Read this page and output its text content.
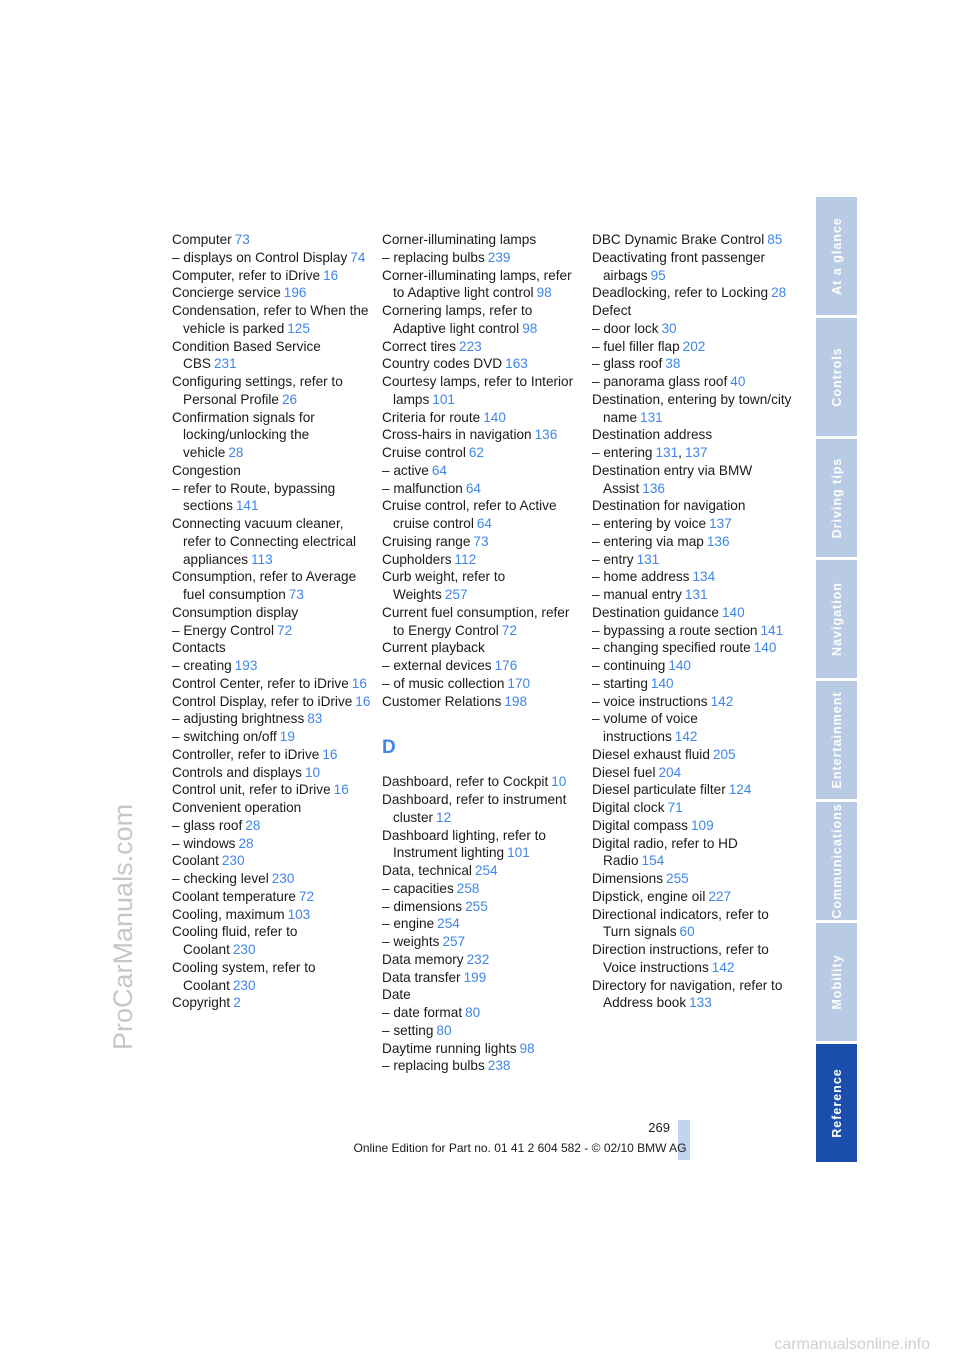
ProCarManuals.com
Computer 73
– displays on Control Display 74
Computer, refer to iDrive 16
Concierge service 196
Condensation, refer to When the vehicle is parked 125
Condition Based Service CBS 231
Configuring settings, refer to Personal Profile 26
Confirmation signals for locking/unlocking the vehicle 28
Congestion
– refer to Route, bypassing sections 141
Connecting vacuum cleaner, refer to Connecting electrical appliances 113
Consumption, refer to Average fuel consumption 73
Consumption display
– Energy Control 72
Contacts
– creating 193
Control Center, refer to iDrive 16
Control Display, refer to iDrive 16
– adjusting brightness 83
– switching on/off 19
Controller, refer to iDrive 16
Controls and displays 10
Control unit, refer to iDrive 16
Convenient operation
– glass roof 28
– windows 28
Coolant 230
– checking level 230
Coolant temperature 72
Cooling, maximum 103
Cooling fluid, refer to Coolant 230
Cooling system, refer to Coolant 230
Copyright 2
Corner-illuminating lamps
– replacing bulbs 239
Corner-illuminating lamps, refer to Adaptive light control 98
Cornering lamps, refer to Adaptive light control 98
Correct tires 223
Country codes DVD 163
Courtesy lamps, refer to Interior lamps 101
Criteria for route 140
Cross-hairs in navigation 136
Cruise control 62
– active 64
– malfunction 64
Cruise control, refer to Active cruise control 64
Cruising range 73
Cupholders 112
Curb weight, refer to Weights 257
Current fuel consumption, refer to Energy Control 72
Current playback
– external devices 176
– of music collection 170
Customer Relations 198
D
Dashboard, refer to Cockpit 10
Dashboard, refer to instrument cluster 12
Dashboard lighting, refer to Instrument lighting 101
Data, technical 254
– capacities 258
– dimensions 255
– engine 254
– weights 257
Data memory 232
Data transfer 199
Date
– date format 80
– setting 80
Daytime running lights 98
– replacing bulbs 238
DBC Dynamic Brake Control 85
Deactivating front passenger airbags 95
Deadlocking, refer to Locking 28
Defect
– door lock 30
– fuel filler flap 202
– glass roof 38
– panorama glass roof 40
Destination, entering by town/city name 131
Destination address
– entering 131, 137
Destination entry via BMW Assist 136
Destination for navigation
– entering by voice 137
– entering via map 136
– entry 131
– home address 134
– manual entry 131
Destination guidance 140
– bypassing a route section 141
– changing specified route 140
– continuing 140
– starting 140
– voice instructions 142
– volume of voice instructions 142
Diesel exhaust fluid 205
Diesel fuel 204
Diesel particulate filter 124
Digital clock 71
Digital compass 109
Digital radio, refer to HD Radio 154
Dimensions 255
Dipstick, engine oil 227
Directional indicators, refer to Turn signals 60
Direction instructions, refer to Voice instructions 142
Directory for navigation, refer to Address book 133
At a glance
Controls
Driving tips
Navigation
Entertainment
Communications
Mobility
Reference
269
Online Edition for Part no. 01 41 2 604 582 - © 02/10 BMW AG
carmanualsonline.info
